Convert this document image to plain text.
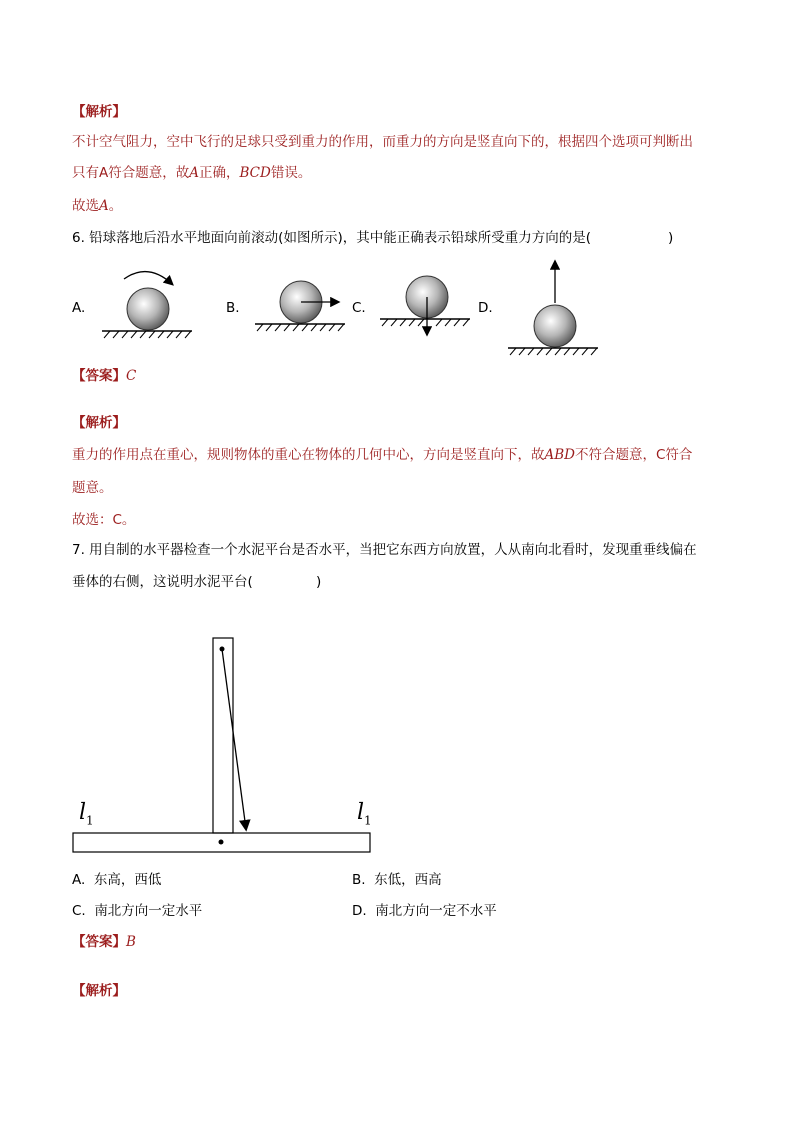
【解析】
不计空气阻力，空中飞行的足球只受到重力的作用，而重力的方向是竖直向下的，根据四个选项可判断出
只有A符合题意，故A正确，BCD错误。
故选A。
6. 铅球落地后沿水平地面向前滚动(如图所示)，其中能正确表示铅球所受重力方向的是(	)
A.	B.	C.	D.
【答案】C
【解析】
重力的作用点在重心，规则物体的重心在物体的几何中心，方向是竖直向下，故ABD不符合题意，C符合
题意。
故选：C。
7. 用自制的水平器检查一个水泥平台是否水平，当把它东西方向放置，人从南向北看时，发现重垂线偏在
垂体的右侧，这说明水泥平台(	)
$l_1$	$l_1$
A. 东高，西低	B. 东低，西高
C. 南北方向一定水平	D. 南北方向一定不水平
【答案】B
【解析】
